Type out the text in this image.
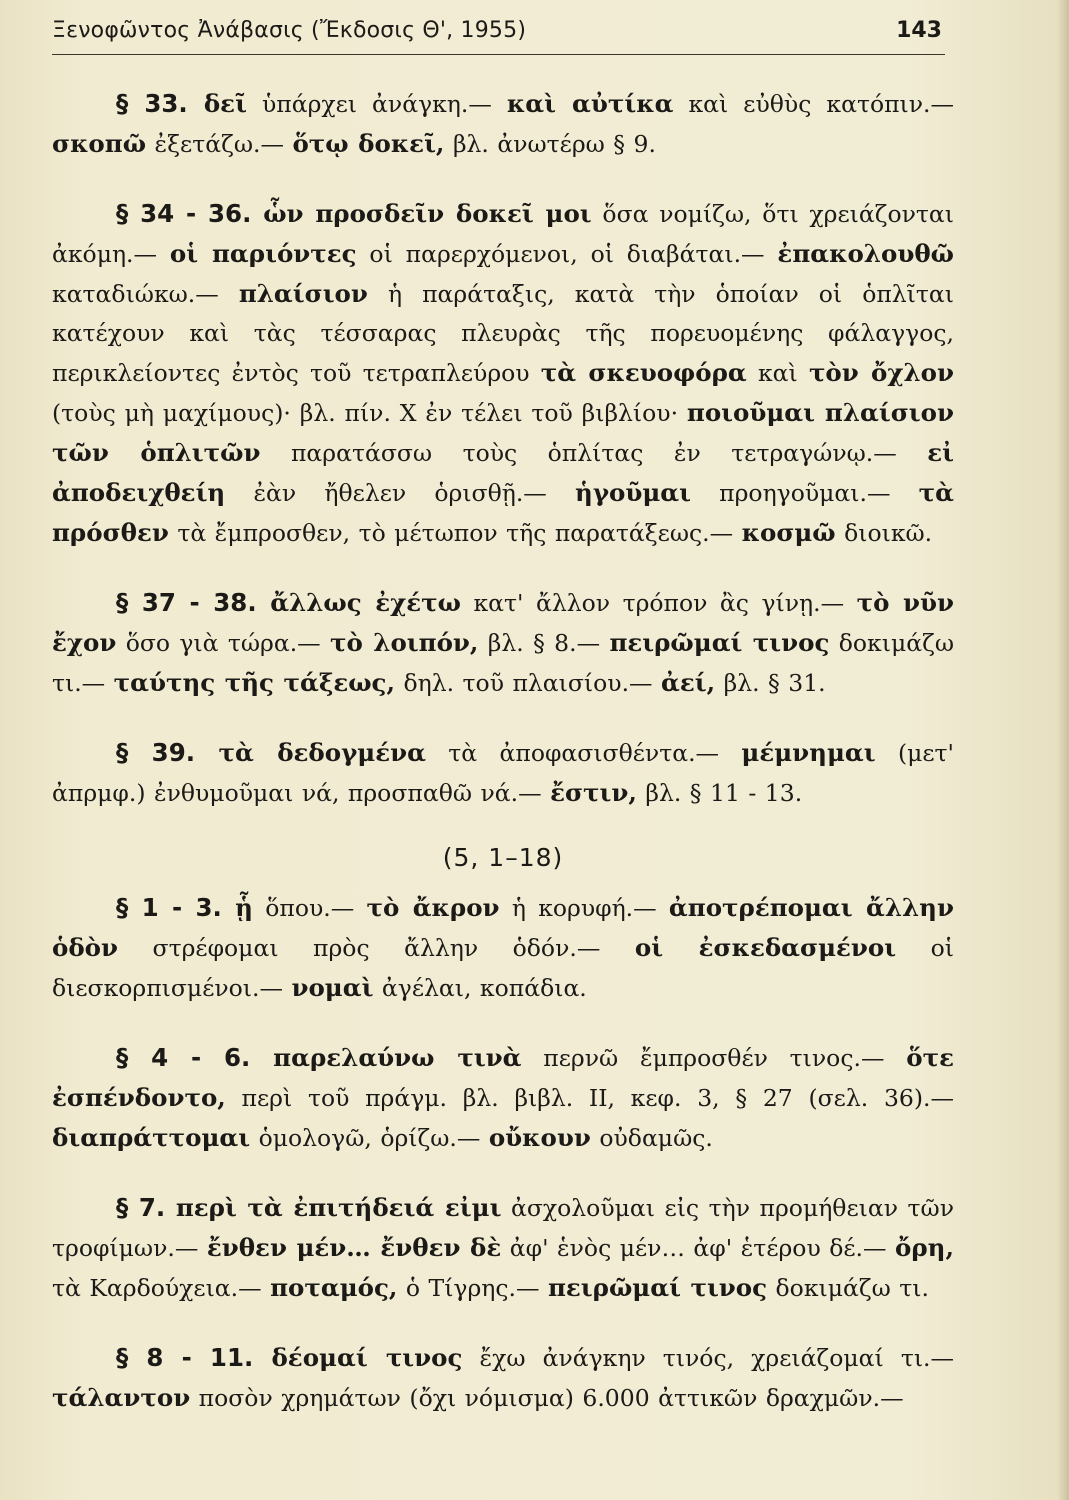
Ξενοφῶντος Ἀνάβασις (Ἔκδοσις Θ', 1955)	143

§ 33. δεῖ ὑπάρχει ἀνάγκη.— καὶ αὐτίκα καὶ εὐθὺς κατόπιν.— σκοπῶ ἐξετάζω.— ὅτῳ δοκεῖ, βλ. ἀνωτέρω § 9.

§ 34 - 36. ὧν προσδεῖν δοκεῖ μοι ὅσα νομίζω, ὅτι χρειάζονται ἀκόμη.— οἱ παριόντες οἱ παρερχόμενοι, οἱ διαβάται.— ἐπακολουθῶ καταδιώκω.— πλαίσιον ἡ παράταξις, κατὰ τὴν ὁποίαν οἱ ὁπλῖται κατέχουν καὶ τὰς τέσσαρας πλευρὰς τῆς πορευομένης φάλαγγος, περικλείοντες ἐντὸς τοῦ τετραπλεύρου τὰ σκευοφόρα καὶ τὸν ὄχλον (τοὺς μὴ μαχίμους)· βλ. πίν. Χ ἐν τέλει τοῦ βιβλίου· ποιοῦμαι πλαίσιον τῶν ὁπλιτῶν παρατάσσω τοὺς ὁπλίτας ἐν τετραγώνῳ.— εἰ ἀποδειχθείη ἐὰν ἤθελεν ὁρισθῇ.— ἡγοῦμαι προηγοῦμαι.— τὰ πρόσθεν τὰ ἔμπροσθεν, τὸ μέτωπον τῆς παρατάξεως.— κοσμῶ διοικῶ.

§ 37 - 38. ἄλλως ἐχέτω κατ' ἄλλον τρόπον ἂς γίνῃ.— τὸ νῦν ἔχον ὅσο γιὰ τώρα.— τὸ λοιπόν, βλ. § 8.— πειρῶμαί τινος δοκιμάζω τι.— ταύτης τῆς τάξεως, δηλ. τοῦ πλαισίου.— ἀεί, βλ. § 31.

§ 39. τὰ δεδογμένα τὰ ἀποφασισθέντα.— μέμνημαι (μετ' ἀπρμφ.) ἐνθυμοῦμαι νά, προσπαθῶ νά.— ἔστιν, βλ. § 11 - 13.

(5, 1–18)

§ 1 - 3. ᾗ ὅπου.— τὸ ἄκρον ἡ κορυφή.— ἀποτρέπομαι ἄλλην ὁδὸν στρέφομαι πρὸς ἄλλην ὁδόν.— οἱ ἐσκεδασμένοι οἱ διεσκορπισμένοι.— νομαὶ ἀγέλαι, κοπάδια.

§ 4 - 6. παρελαύνω τινὰ περνῶ ἔμπροσθέν τινος.— ὅτε ἐσπένδοντο, περὶ τοῦ πράγμ. βλ. βιβλ. II, κεφ. 3, § 27 (σελ. 36).— διαπράττομαι ὁμολογῶ, ὁρίζω.— οὔκουν οὐδαμῶς.

§ 7. περὶ τὰ ἐπιτήδειά εἰμι ἀσχολοῦμαι εἰς τὴν προμήθειαν τῶν τροφίμων.— ἔνθεν μέν… ἔνθεν δὲ ἀφ' ἑνὸς μέν… ἀφ' ἑτέρου δέ.— ὄρη, τὰ Καρδούχεια.— ποταμός, ὁ Τίγρης.— πειρῶμαί τινος δοκιμάζω τι.

§ 8 - 11. δέομαί τινος ἔχω ἀνάγκην τινός, χρειάζομαί τι.— τάλαντον ποσὸν χρημάτων (ὄχι νόμισμα) 6.000 ἀττικῶν δραχμῶν.—
